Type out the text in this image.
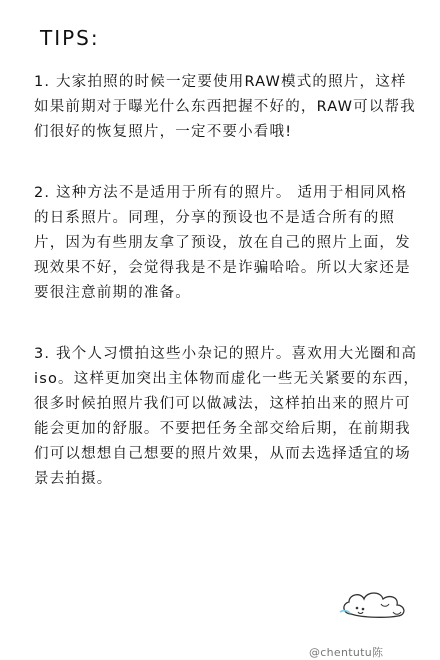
TIPS:

1. 大家拍照的时候一定要使用RAW模式的照片，这样如果前期对于曝光什么东西把握不好的，RAW可以帮我们很好的恢复照片，一定不要小看哦!

2. 这种方法不是适用于所有的照片。 适用于相同风格的日系照片。同理，分享的预设也不是适合所有的照片，因为有些朋友拿了预设，放在自己的照片上面，发现效果不好，会觉得我是不是诈骗哈哈。所以大家还是要很注意前期的准备。

3. 我个人习惯拍这些小杂记的照片。喜欢用大光圈和高iso。这样更加突出主体物而虚化一些无关紧要的东西，很多时候拍照片我们可以做减法，这样拍出来的照片可能会更加的舒服。不要把任务全部交给后期，在前期我们可以想想自己想要的照片效果，从而去选择适宜的场景去拍摄。

@chentutu陈
